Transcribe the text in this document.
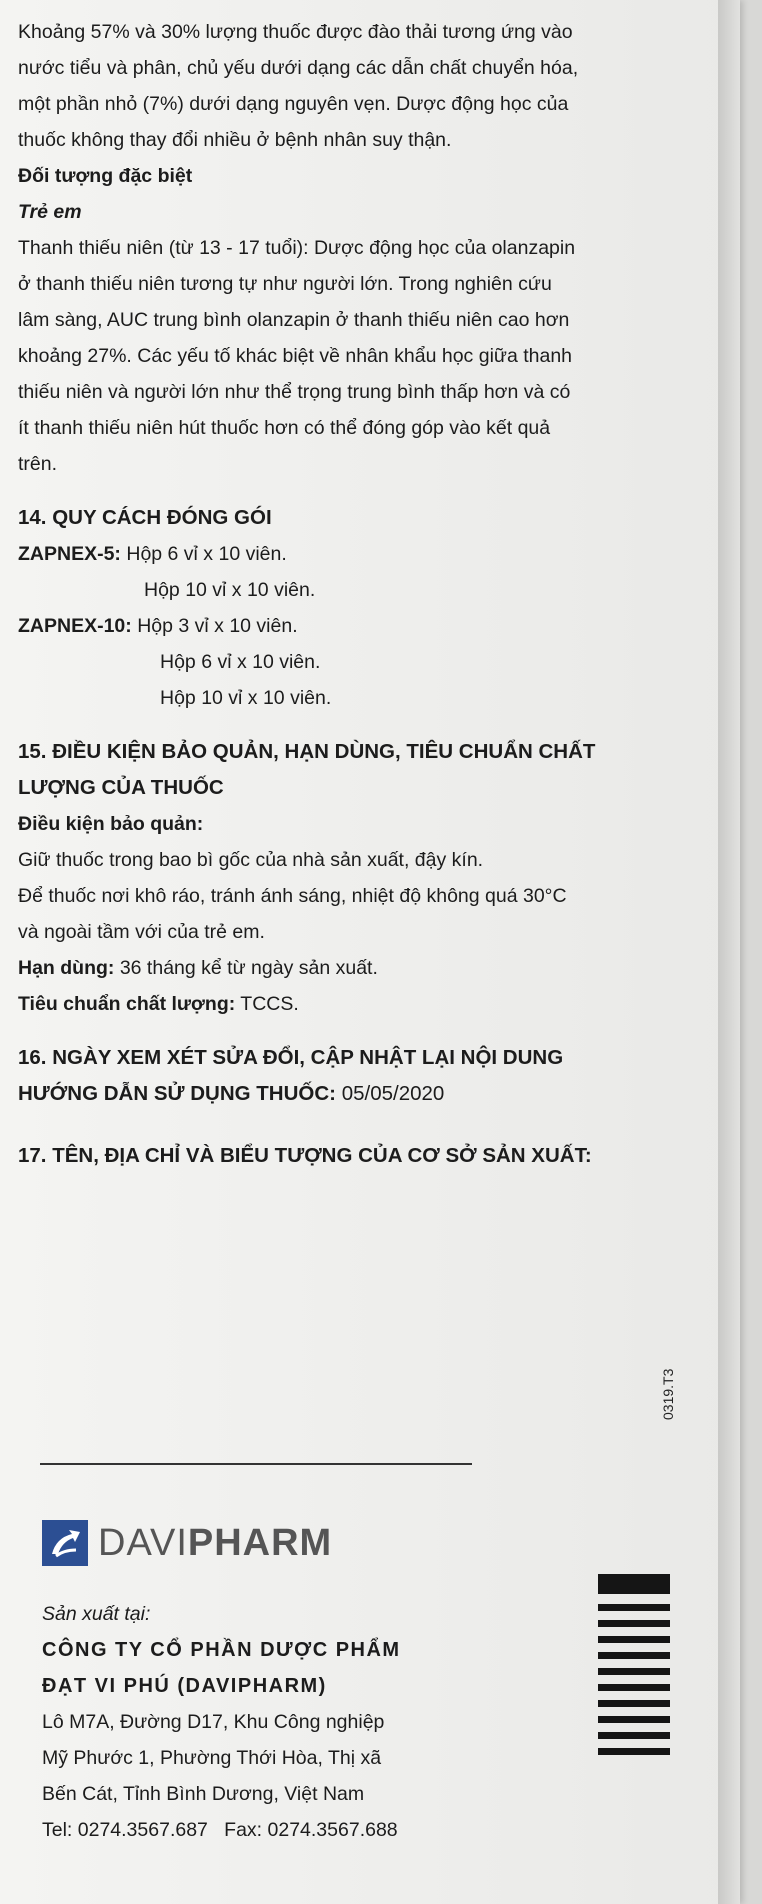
Khoảng 57% và 30% lượng thuốc được đào thải tương ứng vào

nước tiểu và phân, chủ yếu dưới dạng các dẫn chất chuyển hóa,

một phần nhỏ (7%) dưới dạng nguyên vẹn. Dược động học của

thuốc không thay đổi nhiều ở bệnh nhân suy thận.

Đối tượng đặc biệt

Trẻ em

Thanh thiếu niên (từ 13 - 17 tuổi): Dược động học của olanzapin

ở thanh thiếu niên tương tự như người lớn. Trong nghiên cứu

lâm sàng, AUC trung bình olanzapin ở thanh thiếu niên cao hơn

khoảng 27%. Các yếu tố khác biệt về nhân khẩu học giữa thanh

thiếu niên và người lớn như thể trọng trung bình thấp hơn và có

ít thanh thiếu niên hút thuốc hơn có thể đóng góp vào kết quả

trên.

14. QUY CÁCH ĐÓNG GÓI

ZAPNEX-5: Hộp 6 vỉ x 10 viên.

Hộp 10 vỉ x 10 viên.

ZAPNEX-10: Hộp 3 vỉ x 10 viên.

Hộp 6 vỉ x 10 viên.

Hộp 10 vỉ x 10 viên.

15. ĐIỀU KIỆN BẢO QUẢN, HẠN DÙNG, TIÊU CHUẨN CHẤT

LƯỢNG CỦA THUỐC

Điều kiện bảo quản:

Giữ thuốc trong bao bì gốc của nhà sản xuất, đậy kín.

Để thuốc nơi khô ráo, tránh ánh sáng, nhiệt độ không quá 30°C

và ngoài tầm với của trẻ em.

Hạn dùng: 36 tháng kể từ ngày sản xuất.

Tiêu chuẩn chất lượng: TCCS.

16. NGÀY XEM XÉT SỬA ĐỔI, CẬP NHẬT LẠI NỘI DUNG

HƯỚNG DẪN SỬ DỤNG THUỐC: 05/05/2020

17. TÊN, ĐỊA CHỈ VÀ BIỂU TƯỢNG CỦA CƠ SỞ SẢN XUẤT:

0319.T3
DAVIPHARM

Sản xuất tại:

CÔNG TY CỔ PHẦN DƯỢC PHẨM

ĐẠT VI PHÚ (DAVIPHARM)

Lô M7A, Đường D17, Khu Công nghiệp

Mỹ Phước 1, Phường Thới Hòa, Thị xã

Bến Cát, Tỉnh Bình Dương, Việt Nam

Tel: 0274.3567.687 Fax: 0274.3567.688
